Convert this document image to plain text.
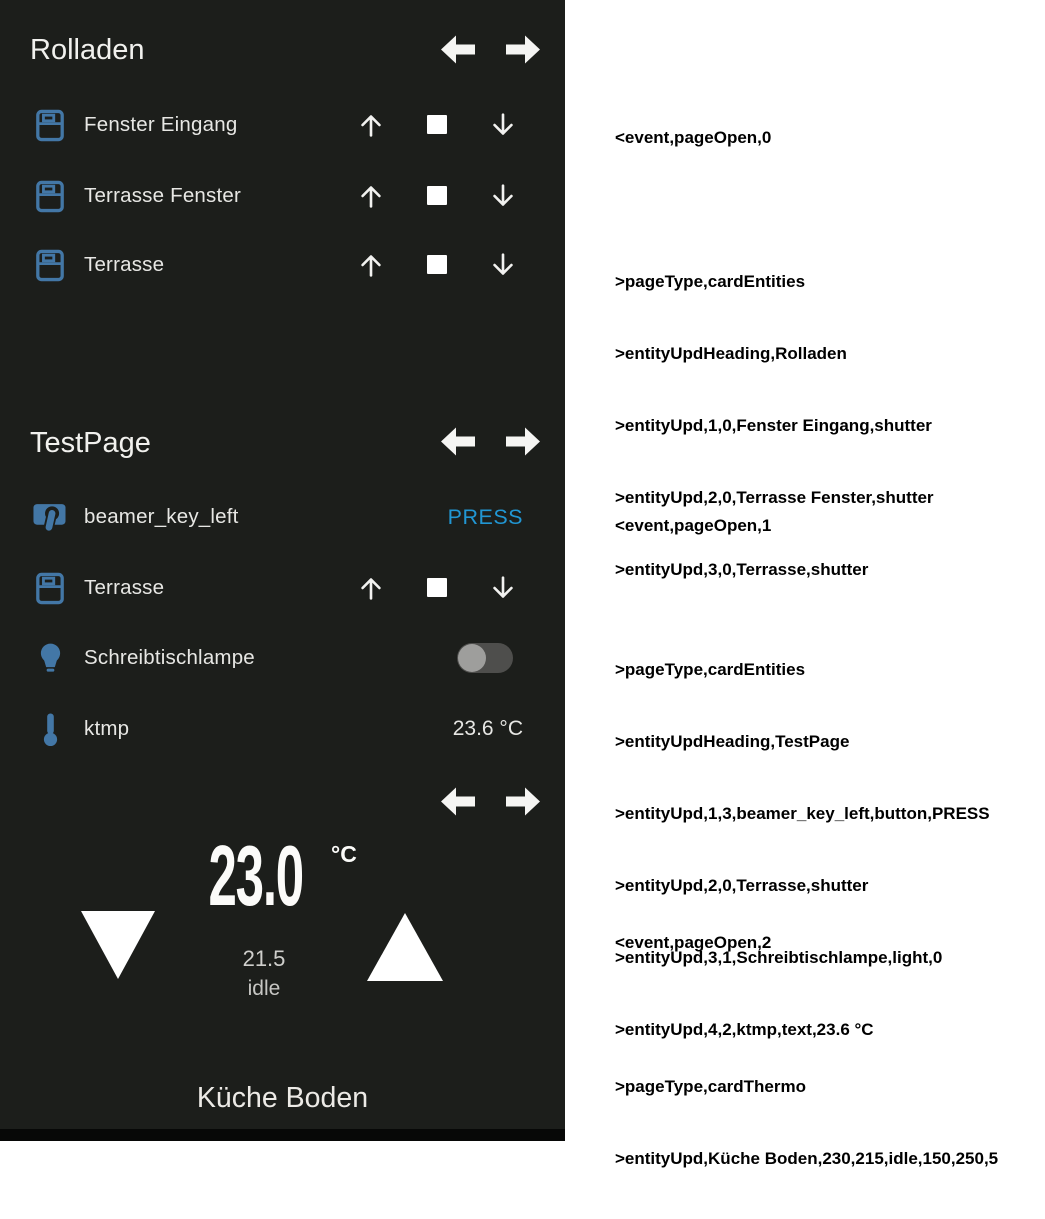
Rolladen
Fenster Eingang
Terrasse Fenster
Terrasse
TestPage
beamer_key_left	PRESS
Terrasse
Schreibtischlampe
ktmp	23.6 °C
23.0	°C
21.5
idle
Küche Boden

<event,pageOpen,0

>pageType,cardEntities

>entityUpdHeading,Rolladen

>entityUpd,1,0,Fenster Eingang,shutter

>entityUpd,2,0,Terrasse Fenster,shutter

>entityUpd,3,0,Terrasse,shutter

<event,pageOpen,1

>pageType,cardEntities

>entityUpdHeading,TestPage

>entityUpd,1,3,beamer_key_left,button,PRESS

>entityUpd,2,0,Terrasse,shutter

>entityUpd,3,1,Schreibtischlampe,light,0

>entityUpd,4,2,ktmp,text,23.6 °C

<event,pageOpen,2

>pageType,cardThermo

>entityUpd,Küche Boden,230,215,idle,150,250,5
